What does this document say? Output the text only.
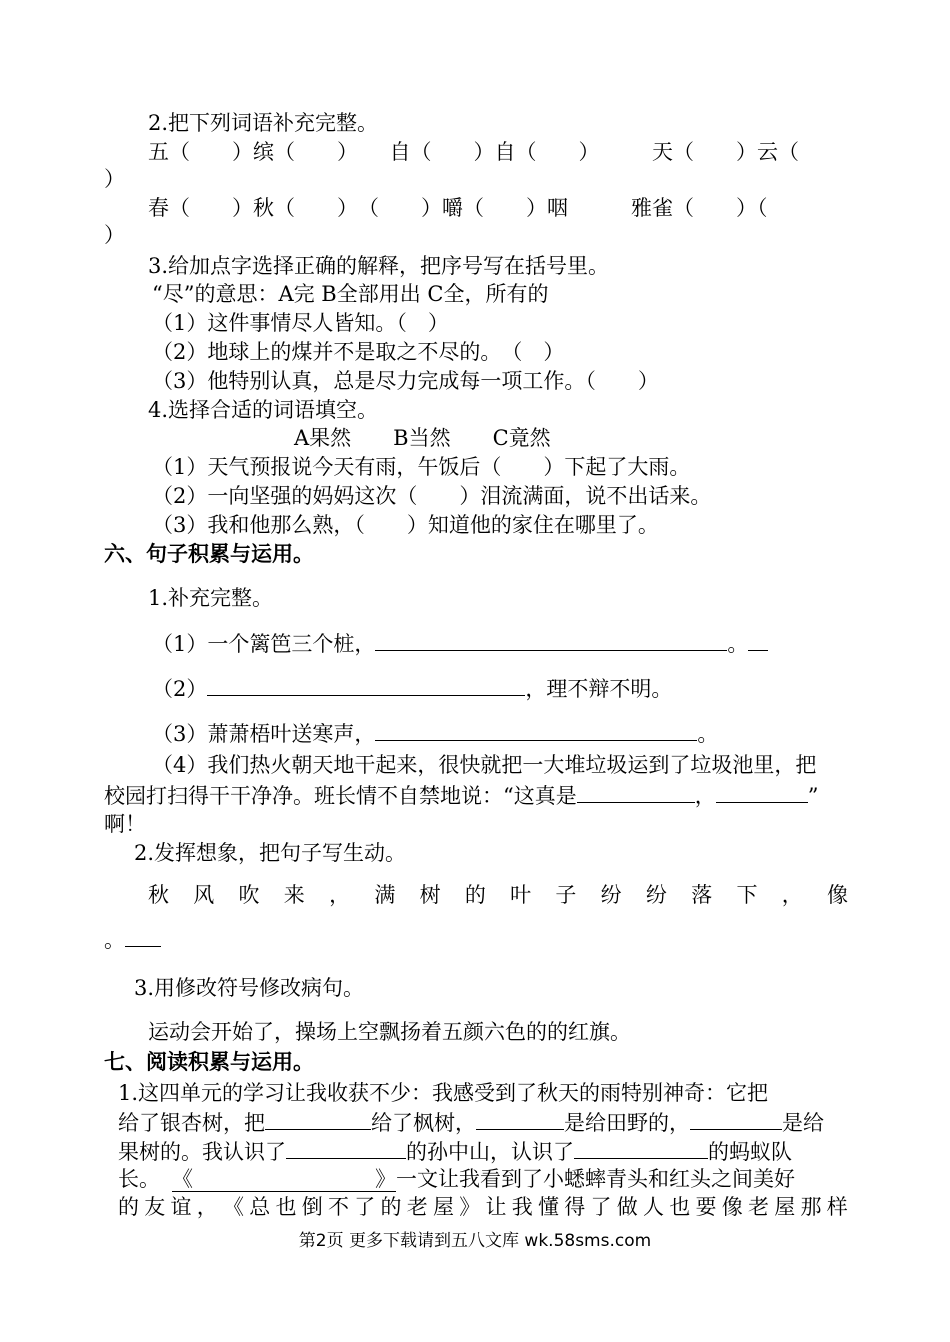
2.把下列词语补充完整。
五（　　）缤（　　）　　自（　　）自（　　）　　　天（　　）云（
）
春（　　）秋（　　）　（　　）嚼（　　）咽　　　雅雀（　　）（
）
3.给加点字选择正确的解释，把序号写在括号里。
“尽”的意思：A完 B全部用出 C全，所有的
（1）这件事情尽人皆知。（　）
（2）地球上的煤并不是取之不尽的。　（　）
（3）他特别认真，总是尽力完成每一项工作。（　　）
4.选择合适的词语填空。
A果然　　B当然　　C竟然
（1）天气预报说今天有雨，午饭后（　　）下起了大雨。
（2）一向坚强的妈妈这次（　　）泪流满面，说不出话来。
（3）我和他那么熟，（　　）知道他的家住在哪里了。
六、句子积累与运用。
1.补充完整。
（1）一个篱笆三个桩，	。
（2）	，理不辩不明。
（3）萧萧梧叶送寒声，	。
（4）我们热火朝天地干起来，很快就把一大堆垃圾运到了垃圾池里，把
校园打扫得干干净净。班长情不自禁地说：“这真是	，	”
啊！
2.发挥想象，把句子写生动。
秋 风 吹 来 ， 满 树 的 叶 子 纷 纷 落 下 ， 像
。
3.用修改符号修改病句。
运动会开始了，操场上空飘扬着五颜六色的的红旗。
七、阅读积累与运用。
1.这四单元的学习让我收获不少：我感受到了秋天的雨特别神奇：它把
给了银杏树，把	给了枫树，	是给田野的，	是给
果树的。我认识了	的孙中山，认识了	的蚂蚁队
长。 《	》一文让我看到了小蟋蟀青头和红头之间美好
的 友 谊 ， 《 总 也 倒 不 了 的 老 屋 》 让 我 懂 得 了 做 人 也 要 像 老 屋 那 样
第2页 更多下载请到五八文库 wk.58sms.com
